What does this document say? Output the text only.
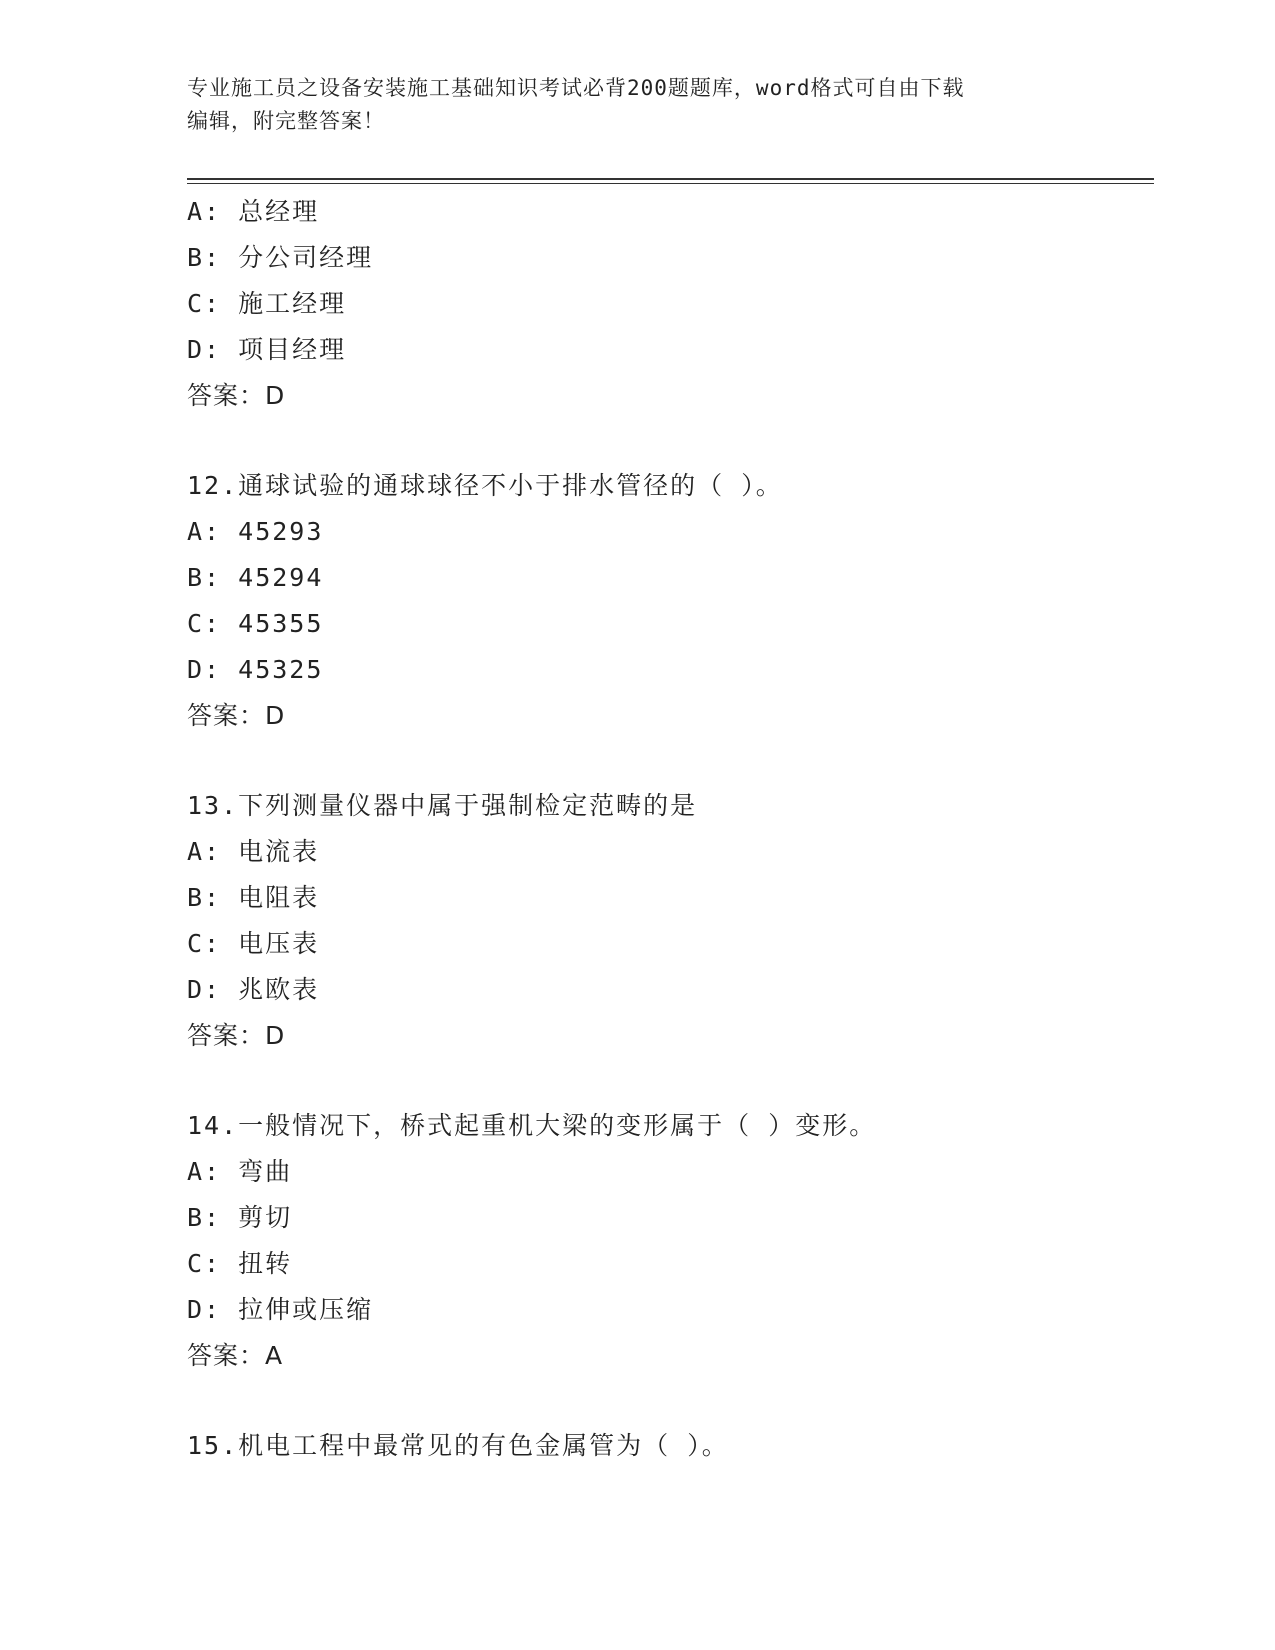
专业施工员之设备安装施工基础知识考试必背200题题库，word格式可自由下载
编辑，附完整答案！
A: 总经理
B: 分公司经理
C: 施工经理
D: 项目经理
答案：D
12.通球试验的通球球径不小于排水管径的（ ）。
A: 45293
B: 45294
C: 45355
D: 45325
答案：D
13.下列测量仪器中属于强制检定范畴的是
A: 电流表
B: 电阻表
C: 电压表
D: 兆欧表
答案：D
14.一般情况下，桥式起重机大梁的变形属于（ ）变形。
A: 弯曲
B: 剪切
C: 扭转
D: 拉伸或压缩
答案：A
15.机电工程中最常见的有色金属管为（ ）。
